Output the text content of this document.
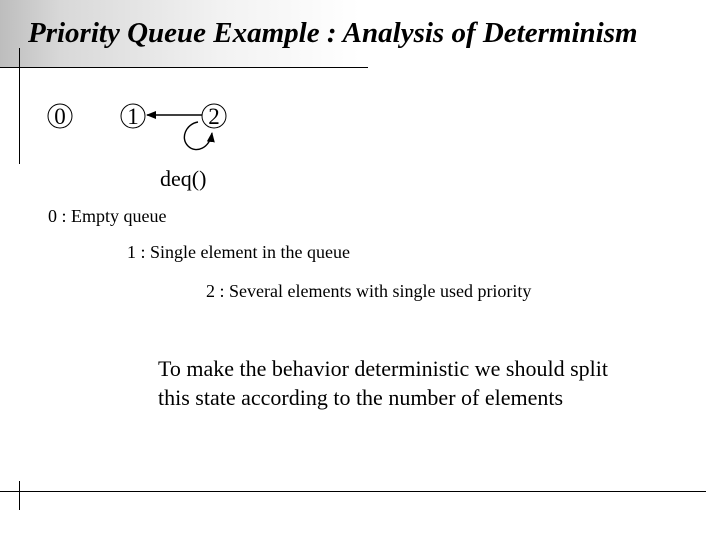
Priority Queue Example : Analysis of Determinism
0	1	2
deq()
0 : Empty queue
1 : Single element in the queue
2 : Several elements with single used priority
To make the behavior deterministic we should split
this state according to the number of elements
